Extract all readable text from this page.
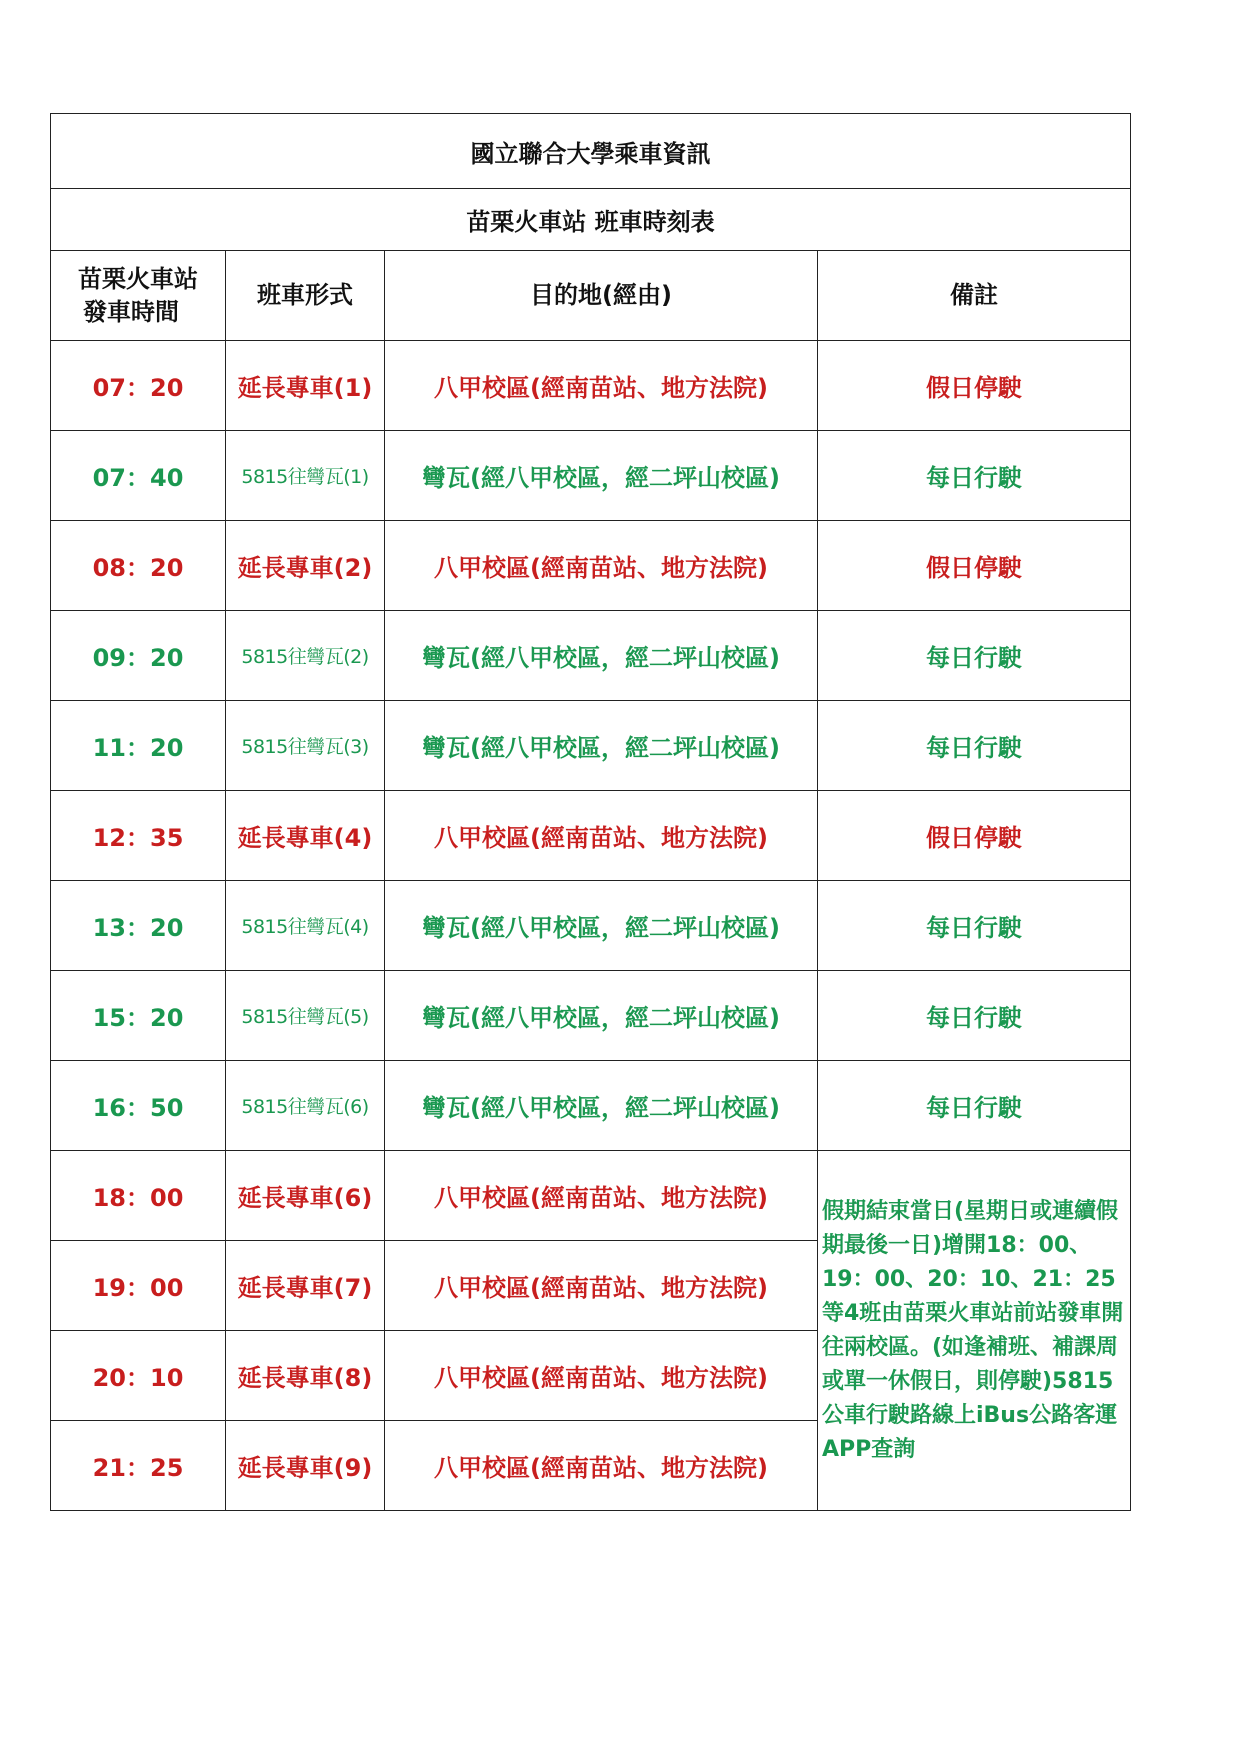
國立聯合大學乘車資訊			
苗栗火車站 班車時刻表			

苗栗火車站
發車時間	班車形式	目的地(經由)	備註
07：20	延長專車(1)	八甲校區(經南苗站、地方法院)	假日停駛
07：40	5815往彎瓦(1)	彎瓦(經八甲校區，經二坪山校區)	每日行駛
08：20	延長專車(2)	八甲校區(經南苗站、地方法院)	假日停駛
09：20	5815往彎瓦(2)	彎瓦(經八甲校區，經二坪山校區)	每日行駛
11：20	5815往彎瓦(3)	彎瓦(經八甲校區，經二坪山校區)	每日行駛
12：35	延長專車(4)	八甲校區(經南苗站、地方法院)	假日停駛
13：20	5815往彎瓦(4)	彎瓦(經八甲校區，經二坪山校區)	每日行駛
15：20	5815往彎瓦(5)	彎瓦(經八甲校區，經二坪山校區)	每日行駛
16：50	5815往彎瓦(6)	彎瓦(經八甲校區，經二坪山校區)	每日行駛
18：00	延長專車(6)	八甲校區(經南苗站、地方法院)	假期結束當日(星期日或連續假期最後一日)增開18：00、19：00、20：10、21：25等4班由苗栗火車站前站發車開往兩校區。(如逢補班、補課周或單一休假日，則停駛)5815公車行駛路線上iBus公路客運APP查詢
19：00	延長專車(7)	八甲校區(經南苗站、地方法院)	
20：10	延長專車(8)	八甲校區(經南苗站、地方法院)	
21：25	延長專車(9)	八甲校區(經南苗站、地方法院)	
